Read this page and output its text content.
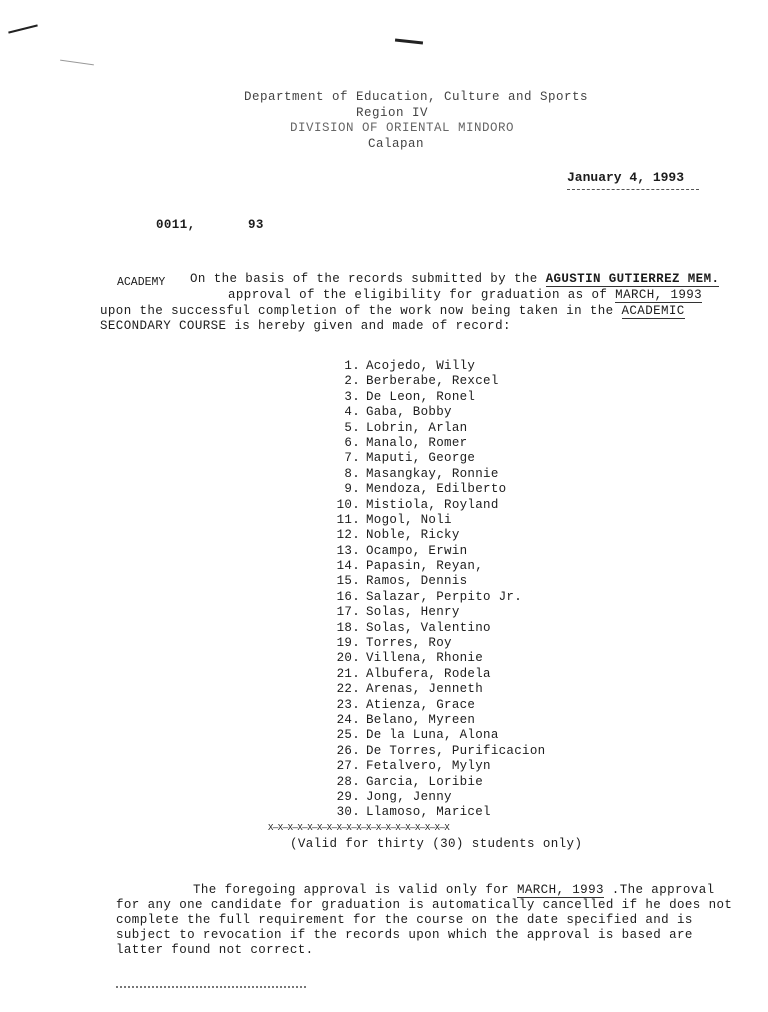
Department of Education, Culture and Sports
Region IV
DIVISION OF ORIENTAL MINDORO
Calapan
January 4, 1993
0011,	93
ACADEMY On the basis of the records submitted by the AGUSTIN GUTIERREZ MEM.
approval of the eligibility for graduation as of MARCH, 1993
upon the successful completion of the work now being taken in the ACADEMIC
SECONDARY COURSE is hereby given and made of record:
1. Acojedo, Willy
2. Berberabe, Rexcel
3. De Leon, Ronel
4. Gaba, Bobby
5. Lobrin, Arlan
6. Manalo, Romer
7. Maputi, George
8. Masangkay, Ronnie
9. Mendoza, Edilberto
10. Mistiola, Royland
11. Mogol, Noli
12. Noble, Ricky
13. Ocampo, Erwin
14. Papasin, Reyan,
15. Ramos, Dennis
16. Salazar, Perpito Jr.
17. Solas, Henry
18. Solas, Valentino
19. Torres, Roy
20. Villena, Rhonie
21. Albufera, Rodela
22. Arenas, Jenneth
23. Atienza, Grace
24. Belano, Myreen
25. De la Luna, Alona
26. De Torres, Purificacion
27. Fetalvero, Mylyn
28. Garcia, Loribie
29. Jong, Jenny
30. Llamoso, Maricel
X—X—X—X—X—X—X—X—X—X—X—X—X—X—X—X—X—X—X
(Valid for thirty (30) students only)
The foregoing approval is valid only for MARCH, 1993 .The approval
for any one candidate for graduation is automatically cancelled if he does not
complete the full requirement for the course on the date specified and is
subject to revocation if the records upon which the approval is based are
latter found not correct.
